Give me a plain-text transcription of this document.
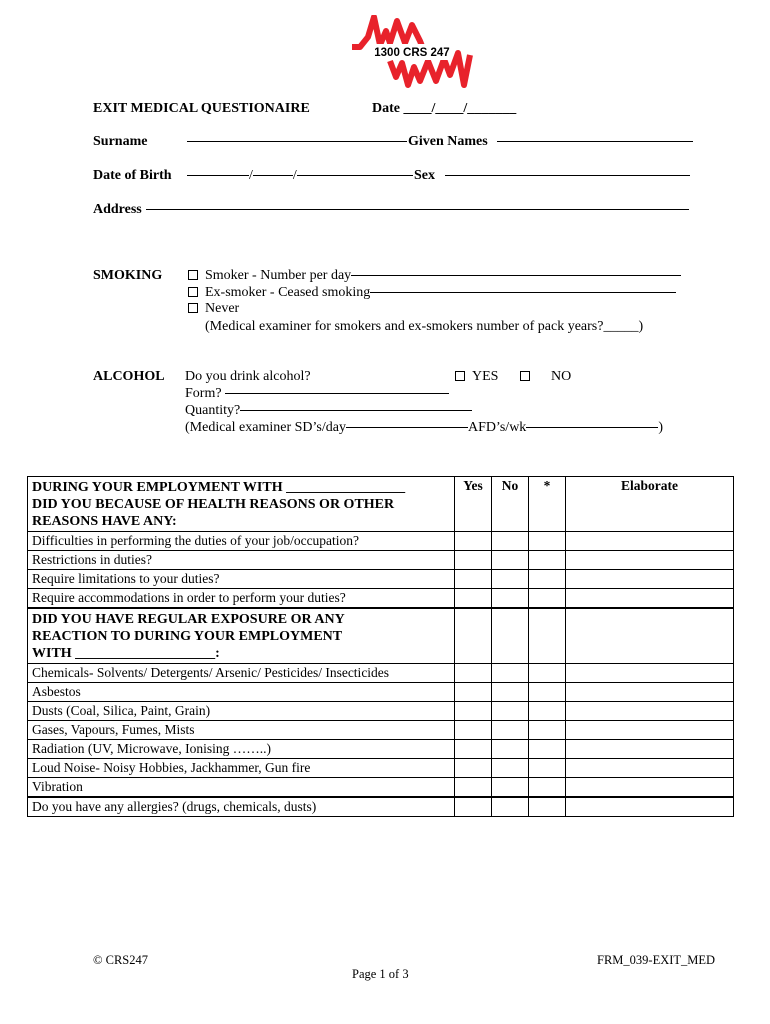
1300 CRS 247
EXIT MEDICAL QUESTIONAIRE	Date ____/____/_______
Surname	Given Names
Date of Birth	/	/	Sex
Address
SMOKING	Smoker - Number per day
Ex-smoker - Ceased smoking
Never
(Medical examiner for smokers and ex-smokers number of pack years?_____)
ALCOHOL Do you drink alcohol?	YES	NO
Form?
Quantity?
(Medical examiner SD’s/day	AFD’s/wk	)
DURING YOUR EMPLOYMENT WITH _________________
DID YOU BECAUSE OF HEALTH REASONS OR OTHER
REASONS HAVE ANY:	Yes	No	*	Elaborate
Difficulties in performing the duties of your job/occupation?				
Restrictions in duties?				
Require limitations to your duties?				
Require accommodations in order to perform your duties?				

DID YOU HAVE REGULAR EXPOSURE OR ANY
REACTION TO DURING YOUR EMPLOYMENT
WITH ____________________:				

Chemicals- Solvents/ Detergents/ Arsenic/ Pesticides/ Insecticides				
Asbestos				
Dusts (Coal, Silica, Paint, Grain)				
Gases, Vapours, Fumes, Mists				
Radiation (UV, Microwave, Ionising ……..)				
Loud Noise- Noisy Hobbies, Jackhammer, Gun fire				
Vibration				
Do you have any allergies? (drugs, chemicals, dusts)				
© CRS247
Page 1 of 3
FRM_039-EXIT_MED
